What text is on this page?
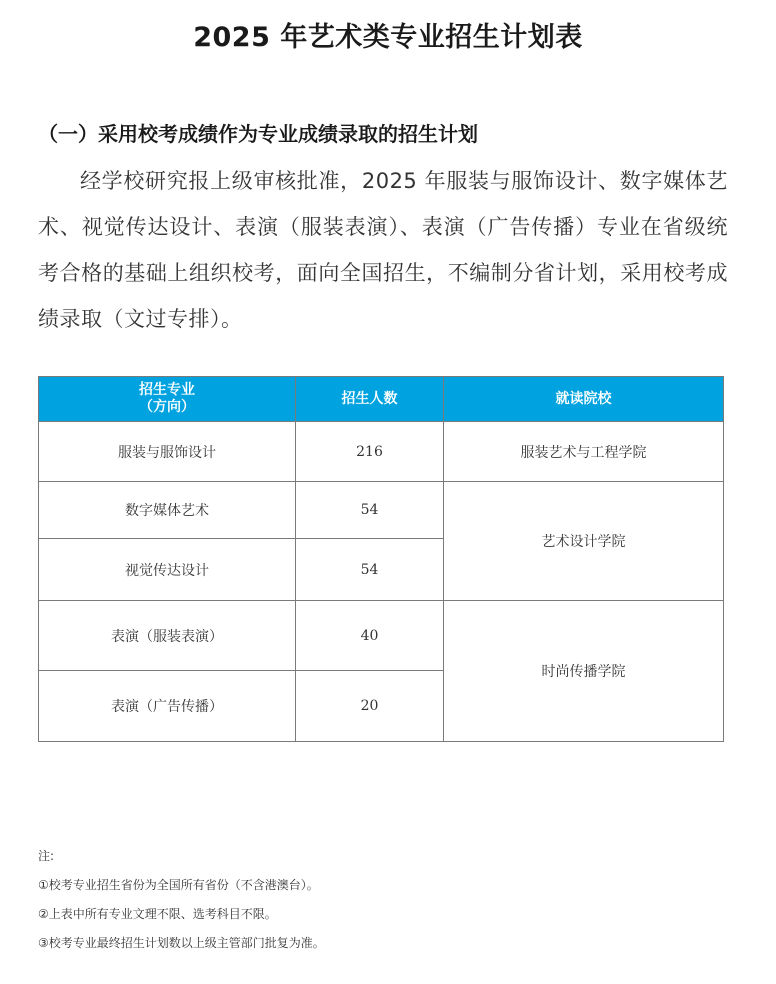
2025 年艺术类专业招生计划表
（一）采用校考成绩作为专业成绩录取的招生计划

经学校研究报上级审核批准，2025 年服装与服饰设计、数字媒体艺术、视觉传达设计、表演（服装表演）、表演（广告传播）专业在省级统考合格的基础上组织校考，面向全国招生，不编制分省计划，采用校考成绩录取（文过专排）。

招生专业
（方向）	招生人数	就读院校
服装与服饰设计	216	服装艺术与工程学院
数字媒体艺术	54	艺术设计学院
视觉传达设计	54	
表演（服装表演）	40	时尚传播学院
表演（广告传播）	20	
注:
①校考专业招生省份为全国所有省份（不含港澳台）。
②上表中所有专业文理不限、选考科目不限。
③校考专业最终招生计划数以上级主管部门批复为准。
